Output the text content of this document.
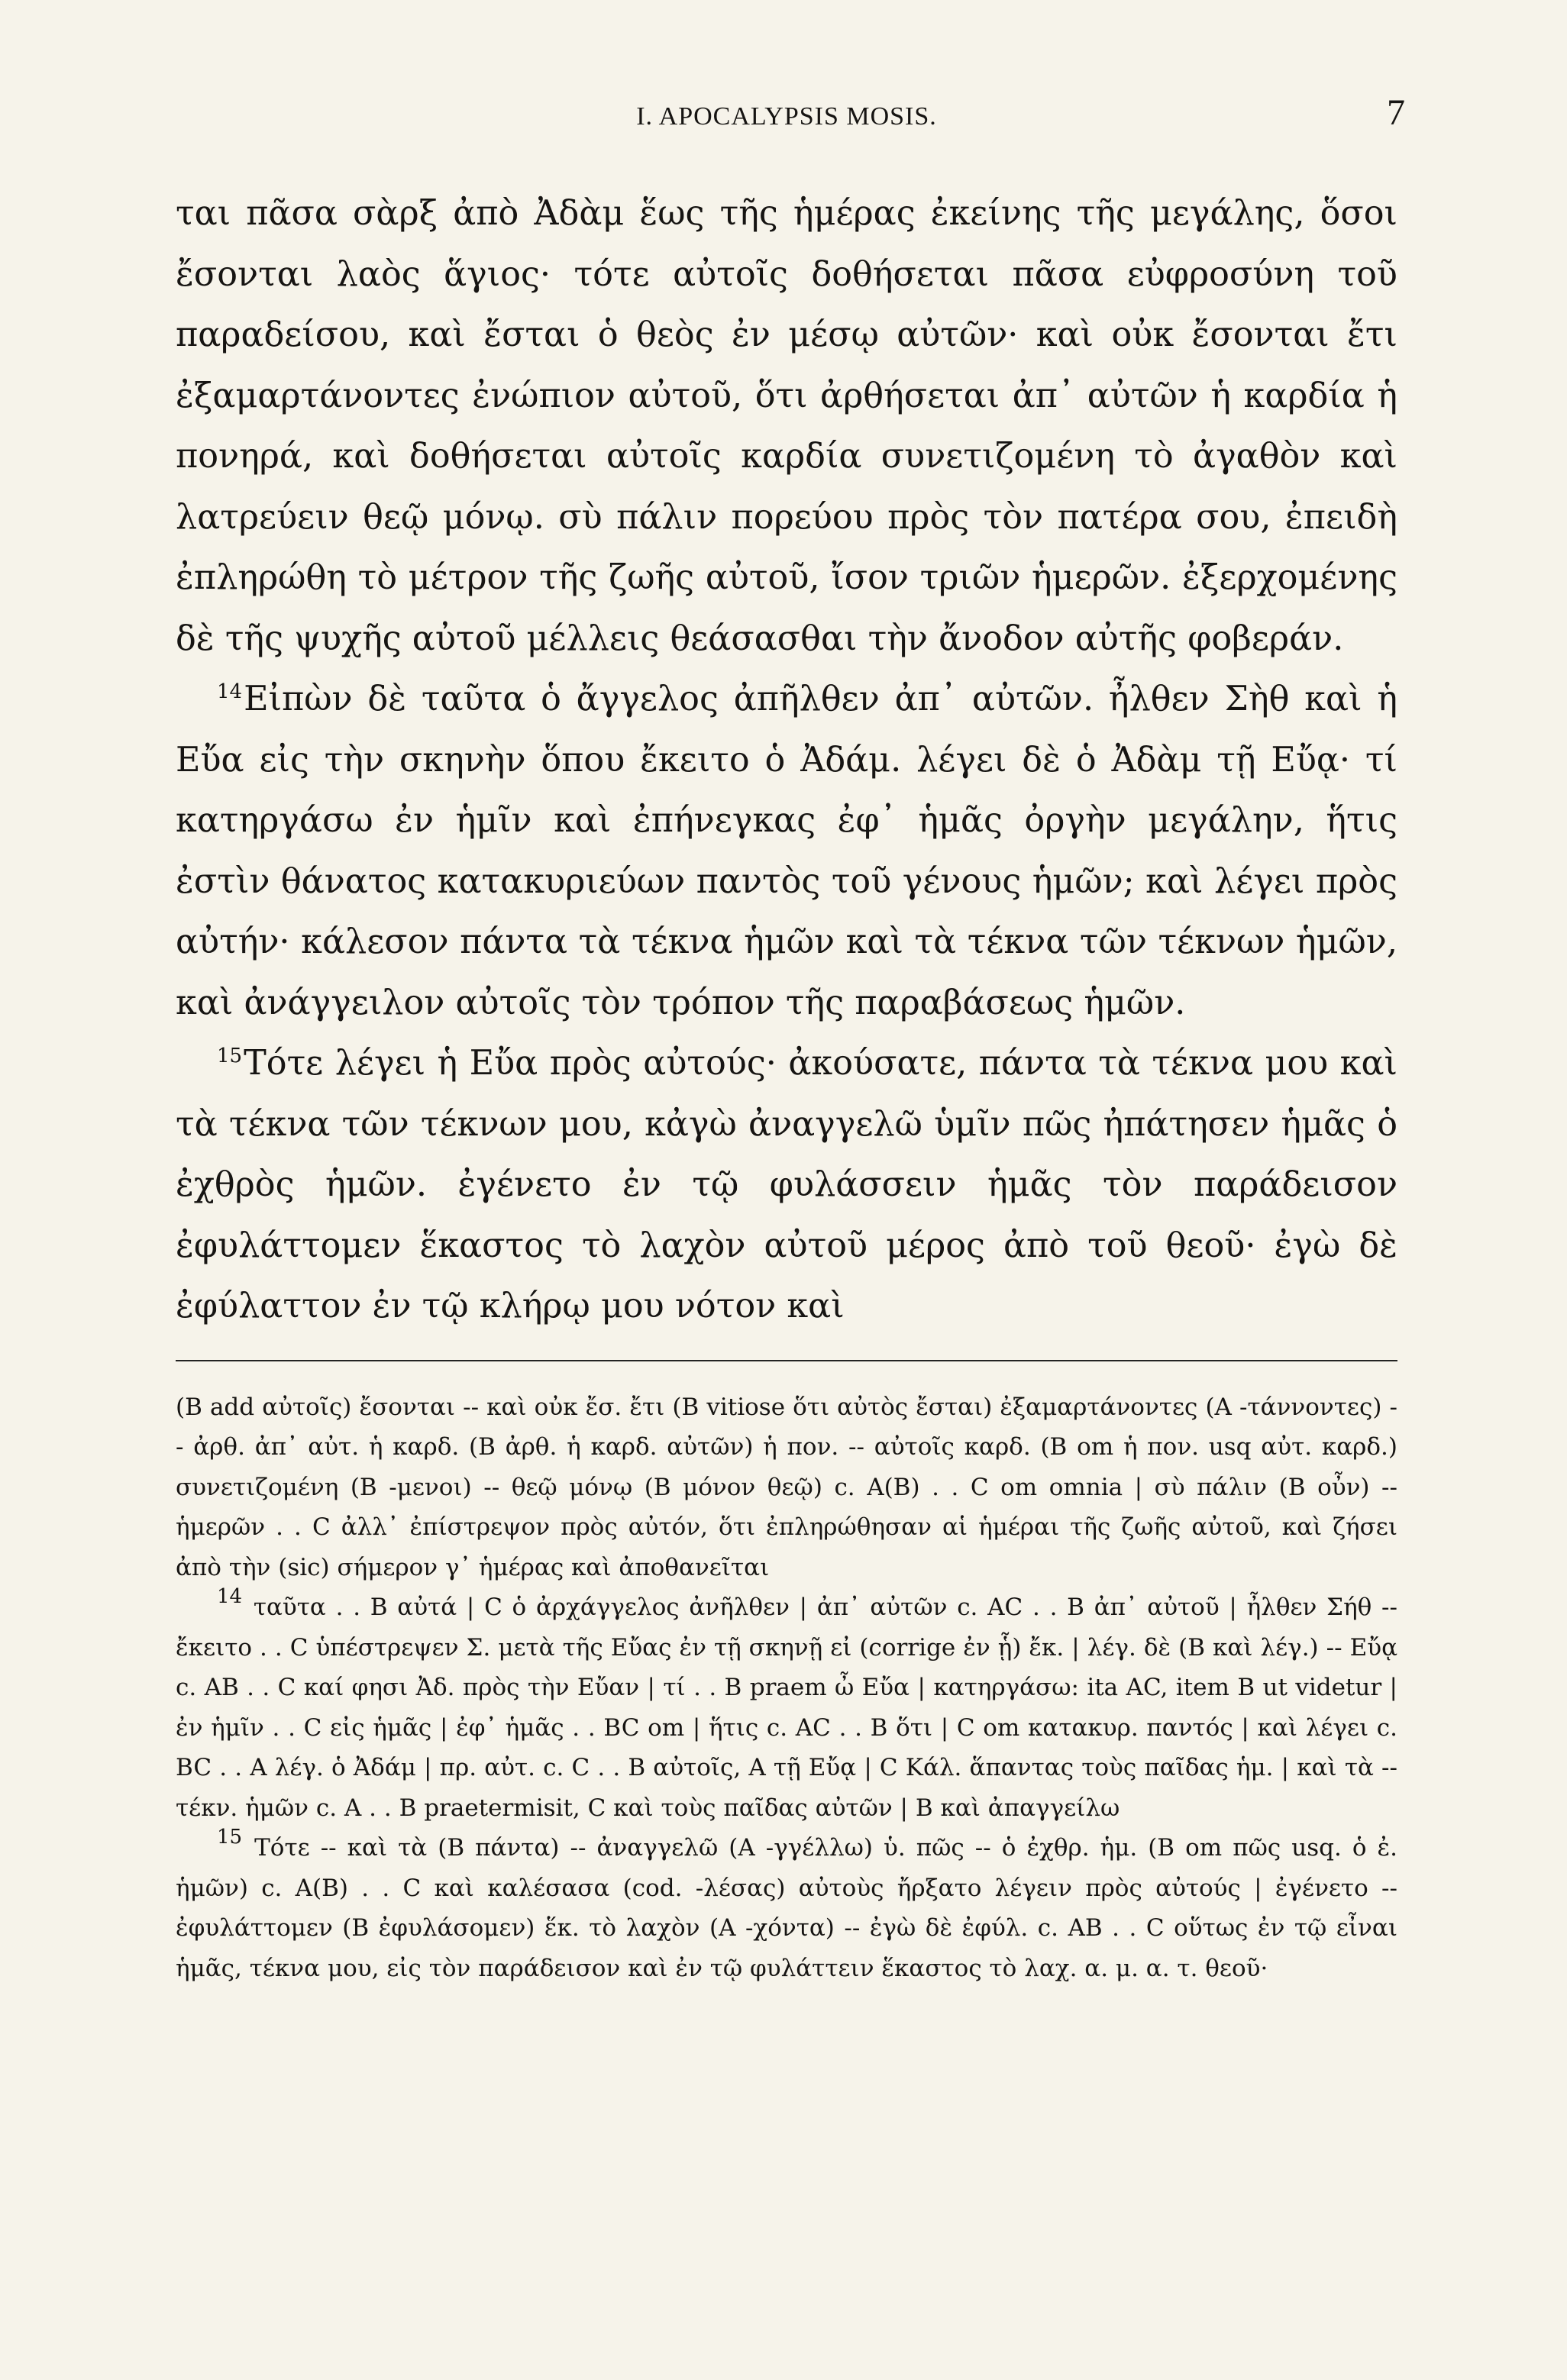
I. APOCALYPSIS MOSIS.	7

ται πᾶσα σὰρξ ἀπὸ Ἀδὰμ ἕως τῆς ἡμέρας ἐκείνης τῆς μεγάλης, ὅσοι ἔσονται λαὸς ἅγιος· τότε αὐτοῖς δοθήσεται πᾶσα εὐφροσύνη τοῦ παραδείσου, καὶ ἔσται ὁ θεὸς ἐν μέσῳ αὐτῶν· καὶ οὐκ ἔσονται ἔτι ἐξαμαρτάνοντες ἐνώπιον αὐτοῦ, ὅτι ἀρθήσεται ἀπ᾽ αὐτῶν ἡ καρδία ἡ πονηρά, καὶ δοθήσεται αὐτοῖς καρδία συνετιζομένη τὸ ἀγαθὸν καὶ λατρεύειν θεῷ μόνῳ. σὺ πάλιν πορεύου πρὸς τὸν πατέρα σου, ἐπειδὴ ἐπληρώθη τὸ μέτρον τῆς ζωῆς αὐτοῦ, ἴσον τριῶν ἡμερῶν. ἐξερχομένης δὲ τῆς ψυχῆς αὐτοῦ μέλλεις θεάσασθαι τὴν ἄνοδον αὐτῆς φοβεράν.

$^{14}$Εἰπὼν δὲ ταῦτα ὁ ἄγγελος ἀπῆλθεν ἀπ᾽ αὐτῶν. ἦλθεν Σὴθ καὶ ἡ Εὔα εἰς τὴν σκηνὴν ὅπου ἔκειτο ὁ Ἀδάμ. λέγει δὲ ὁ Ἀδὰμ τῇ Εὔᾳ· τί κατηργάσω ἐν ἡμῖν καὶ ἐπήνεγκας ἐφ᾽ ἡμᾶς ὀργὴν μεγάλην, ἥτις ἐστὶν θάνατος κατακυριεύων παντὸς τοῦ γένους ἡμῶν; καὶ λέγει πρὸς αὐτήν· κάλεσον πάντα τὰ τέκνα ἡμῶν καὶ τὰ τέκνα τῶν τέκνων ἡμῶν, καὶ ἀνάγγειλον αὐτοῖς τὸν τρόπον τῆς παραβάσεως ἡμῶν.

$^{15}$Τότε λέγει ἡ Εὔα πρὸς αὐτούς· ἀκούσατε, πάντα τὰ τέκνα μου καὶ τὰ τέκνα τῶν τέκνων μου, κἀγὼ ἀναγγελῶ ὑμῖν πῶς ἠπάτησεν ἡμᾶς ὁ ἐχθρὸς ἡμῶν. ἐγένετο ἐν τῷ φυλάσσειν ἡμᾶς τὸν παράδεισον ἐφυλάττομεν ἕκαστος τὸ λαχὸν αὐτοῦ μέρος ἀπὸ τοῦ θεοῦ· ἐγὼ δὲ ἐφύλαττον ἐν τῷ κλήρῳ μου νότον καὶ

(B add αὐτοῖς) ἔσονται -- καὶ οὐκ ἔσ. ἔτι (B vitiose ὅτι αὐτὸς ἔσται) ἐξαμαρτάνοντες (A -τάννοντες) -- ἀρθ. ἀπ᾽ αὐτ. ἡ καρδ. (B ἀρθ. ἡ καρδ. αὐτῶν) ἡ πον. -- αὐτοῖς καρδ. (B om ἡ πον. usq αὐτ. καρδ.) συνετιζομένη (B -μενοι) -- θεῷ μόνῳ (B μόνον θεῷ) c. A(B) . . C om omnia | σὺ πάλιν (B οὖν) -- ἡμερῶν . . C ἀλλ᾽ ἐπίστρεψον πρὸς αὐτόν, ὅτι ἐπληρώθησαν αἱ ἡμέραι τῆς ζωῆς αὐτοῦ, καὶ ζήσει ἀπὸ τὴν (sic) σήμερον γ᾽ ἡμέρας καὶ ἀποθανεῖται

$^{14}$ ταῦτα . . B αὐτά | C ὁ ἀρχάγγελος ἀνῆλθεν | ἀπ᾽ αὐτῶν c. AC . . B ἀπ᾽ αὐτοῦ | ἦλθεν Σήθ -- ἔκειτο . . C ὑπέστρεψεν Σ. μετὰ τῆς Εὔας ἐν τῇ σκηνῇ εἰ (corrige ἐν ᾗ) ἔκ. | λέγ. δὲ (B καὶ λέγ.) -- Εὔᾳ c. AB . . C καί φησι Ἀδ. πρὸς τὴν Εὔαν | τί . . B praem ὦ Εὔα | κατηργάσω: ita AC, item B ut videtur | ἐν ἡμῖν . . C εἰς ἡμᾶς | ἐφ᾽ ἡμᾶς . . BC om | ἥτις c. AC . . B ὅτι | C om κατακυρ. παντός | καὶ λέγει c. BC . . A λέγ. ὁ Ἀδάμ | πρ. αὐτ. c. C . . B αὐτοῖς, A τῇ Εὔᾳ | C Κάλ. ἅπαντας τοὺς παῖδας ἡμ. | καὶ τὰ -- τέκν. ἡμῶν c. A . . B praetermisit, C καὶ τοὺς παῖδας αὐτῶν | B καὶ ἀπαγγείλω

$^{15}$ Τότε -- καὶ τὰ (B πάντα) -- ἀναγγελῶ (A -γγέλλω) ὑ. πῶς -- ὁ ἐχθρ. ἡμ. (B om πῶς usq. ὁ ἐ. ἡμῶν) c. A(B) . . C καὶ καλέσασα (cod. -λέσας) αὐτοὺς ἤρξατο λέγειν πρὸς αὐτούς | ἐγένετο -- ἐφυλάττομεν (B ἐφυλάσομεν) ἕκ. τὸ λαχὸν (A -χόντα) -- ἐγὼ δὲ ἐφύλ. c. AB . . C οὕτως ἐν τῷ εἶναι ἡμᾶς, τέκνα μου, εἰς τὸν παράδεισον καὶ ἐν τῷ φυλάττειν ἕκαστος τὸ λαχ. α. μ. α. τ. θεοῦ·
